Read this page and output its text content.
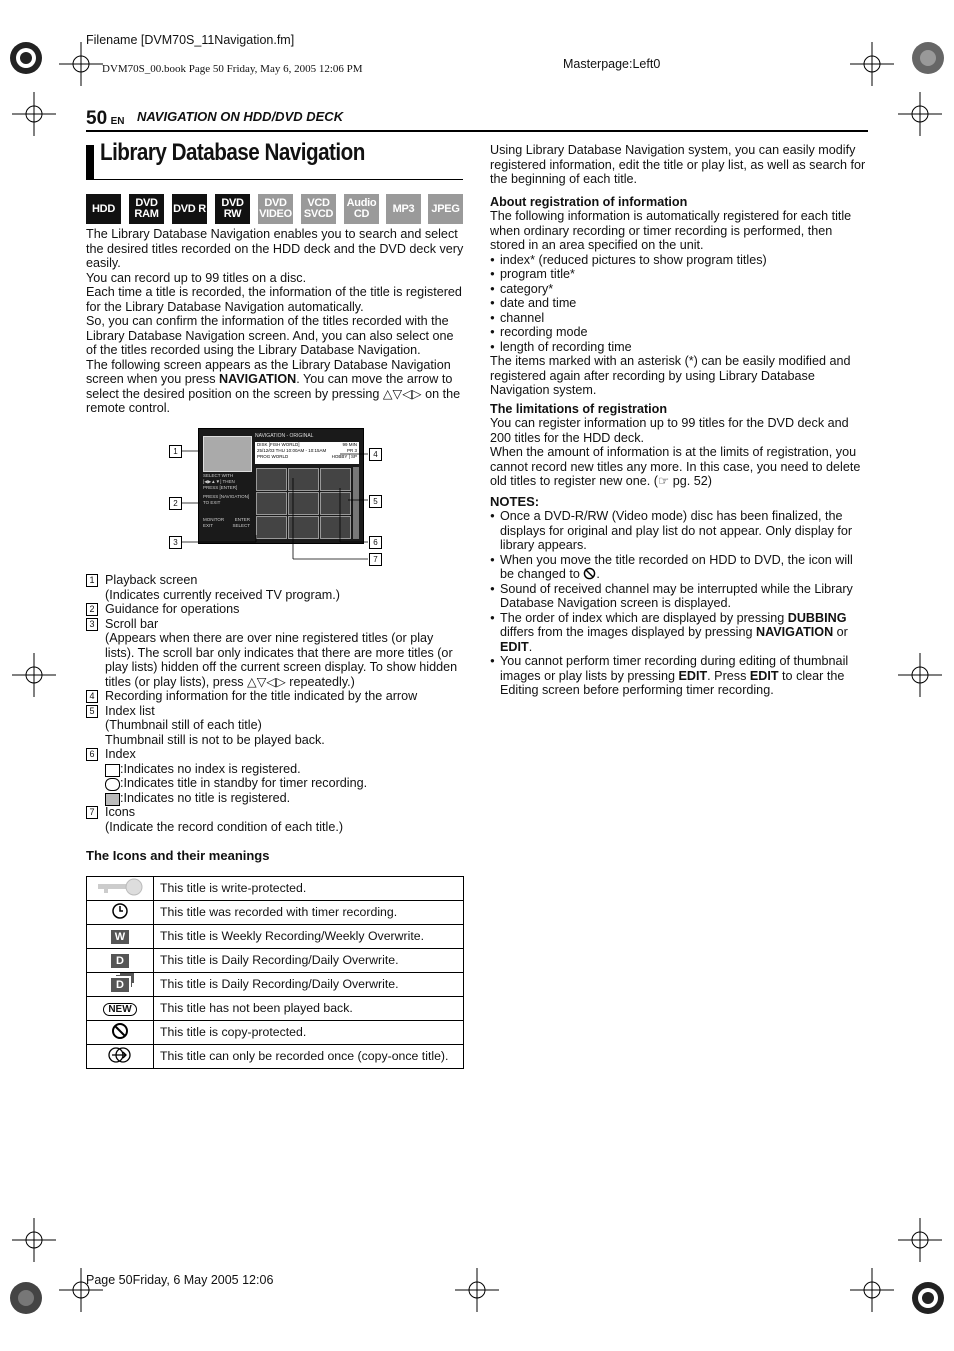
Filename [DVM70S_11Navigation.fm]
DVM70S_00.book Page 50 Friday, May 6, 2005 12:06 PM	Masterpage:Left0
Page 50Friday, 6 May 2005 12:06
50 EN NAVIGATION ON HDD/DVD DECK
Library Database Navigation
HDD	DVD RAM	DVD R	DVD RW
DVD VIDEO
VCD SVCD
Audio CD	MP3	JPEG

The Library Database Navigation enables you to search and select the desired titles recorded on the HDD deck and the DVD deck very easily.

You can record up to 99 titles on a disc.

Each time a title is recorded, the information of the title is registered for the Library Database Navigation automatically.

So, you can confirm the information of the titles recorded with the Library Database Navigation screen. And, you can also select one of the titles recorded using the Library Database Navigation.

The following screen appears as the Library Database Navigation screen when you press NAVIGATION. You can move the arrow to select the desired position on the screen by pressing △▽◁▷ on the remote control.

NAVIGATION - ORIGINAL
DISK [FISH WORLD]	99 MIN
25/12/03 THU 10:00AM - 10:15AM	PR 3
PROG WORLD	HOBBY | SP
SELECT WITH [◀▶▲▼] THEN PRESS [ENTER]
PRESS [NAVIGATION] TO EXIT
MONITOR ENTER

EXIT	SELECT
1
2
3
4
5
6
7
1 Playback screen
(Indicates currently received TV program.)
2 Guidance for operations
3 Scroll bar
(Appears when there are over nine registered titles (or play
lists). The scroll bar only indicates that there are more titles (or
play lists) hidden off the current screen display. To show hidden
titles (or play lists), press △▽◁▷ repeatedly.)
4 Recording information for the title indicated by the arrow
5 Index list
(Thumbnail still of each title)
Thumbnail still is not to be played back.
6 Index
:Indicates no index is registered.
:Indicates title in standby for timer recording.
:Indicates no title is registered.
7 Icons
(Indicate the record condition of each title.)
The Icons and their meanings
	This title is write-protected.
	This title was recorded with timer recording.
W	This title is Weekly Recording/Weekly Overwrite.
D	This title is Daily Recording/Daily Overwrite.
D	This title is Daily Recording/Daily Overwrite.
NEW	This title has not been played back.
	This title is copy-protected.
	This title can only be recorded once (copy-once title).

Using Library Database Navigation system, you can easily modify registered information, edit the title or play list, as well as search for the beginning of each title.

About registration of information

The following information is automatically registered for each title when ordinary recording or timer recording is performed, then stored in an area specified on the unit.

● index* (reduced pictures to show program titles)
● program title*
● category*
● date and time
● channel
● recording mode
● length of recording time

The items marked with an asterisk (*) can be easily modified and registered again after recording by using Library Database Navigation system.

The limitations of registration

You can register information up to 99 titles for the DVD deck and 200 titles for the HDD deck.

When the amount of information is at the limits of registration, you cannot record new titles any more. In this case, you need to delete old titles to register new one. (☞ pg. 52)

NOTES:

● Once a DVD-R/RW (Video mode) disc has been finalized, the displays for original and play list do not appear. Only display for library appears.
● When you move the title recorded on HDD to DVD, the icon will be changed to .
● Sound of received channel may be interrupted while the Library Database Navigation screen is displayed.
● The order of index which are displayed by pressing DUBBING differs from the images displayed by pressing NAVIGATION or EDIT.
● You cannot perform timer recording during editing of thumbnail images or play lists by pressing EDIT. Press EDIT to clear the Editing screen before performing timer recording.
